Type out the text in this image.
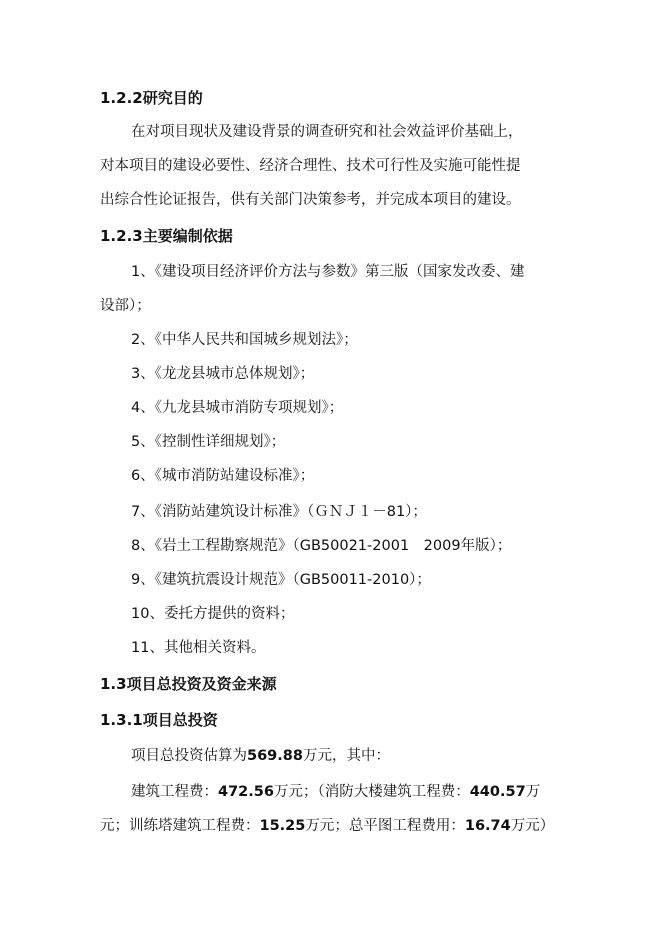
1.2.2研究目的
在对项目现状及建设背景的调查研究和社会效益评价基础上，
对本项目的建设必要性、经济合理性、技术可行性及实施可能性提
出综合性论证报告，供有关部门决策参考，并完成本项目的建设。
1.2.3主要编制依据
1、《建设项目经济评价方法与参数》第三版（国家发改委、建
设部）；
2、《中华人民共和国城乡规划法》；
3、《龙龙县城市总体规划》；
4、《九龙县城市消防专项规划》；
5、《控制性详细规划》；
6、《城市消防站建设标准》；
7、《消防站建筑设计标准》（ＧＮＪ１－81）；
8、《岩土工程勘察规范》（GB50021-2001　2009年版）；
9、《建筑抗震设计规范》（GB50011-2010）；
10、委托方提供的资料；
11、其他相关资料。
1.3项目总投资及资金来源
1.3.1项目总投资
项目总投资估算为569.88万元，其中：
建筑工程费：472.56万元；（消防大楼建筑工程费：440.57万
元；训练塔建筑工程费：15.25万元；总平图工程费用：16.74万元）
